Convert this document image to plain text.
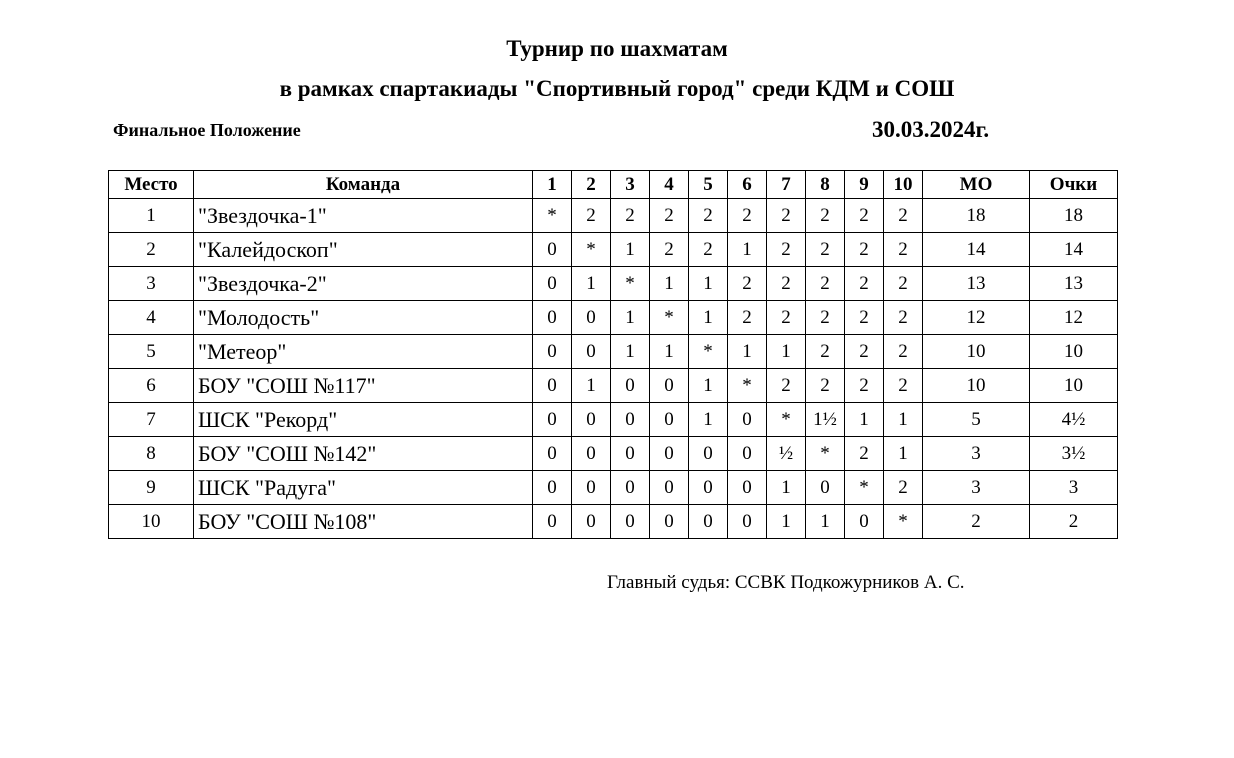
Турнир по шахматам
в рамках спартакиады "Спортивный город" среди КДМ и СОШ
Финальное Положение	30.03.2024г.
Место	Команда	1	2	3	4	5	6	7	8	9	10	МО	Очки
1	"Звездочка-1"	*	2	2	2	2	2	2	2	2	2	18	18
2	"Калейдоскоп"	0	*	1	2	2	1	2	2	2	2	14	14
3	"Звездочка-2"	0	1	*	1	1	2	2	2	2	2	13	13
4	"Молодость"	0	0	1	*	1	2	2	2	2	2	12	12
5	"Метеор"	0	0	1	1	*	1	1	2	2	2	10	10
6	БОУ "СОШ №117"	0	1	0	0	1	*	2	2	2	2	10	10
7	ШСК "Рекорд"	0	0	0	0	1	0	*	1½	1	1	5	4½
8	БОУ "СОШ №142"	0	0	0	0	0	0	½	*	2	1	3	3½
9	ШСК "Радуга"	0	0	0	0	0	0	1	0	*	2	3	3
10	БОУ "СОШ №108"	0	0	0	0	0	0	1	1	0	*	2	2
Главный судья: ССВК Подкожурников А. С.
